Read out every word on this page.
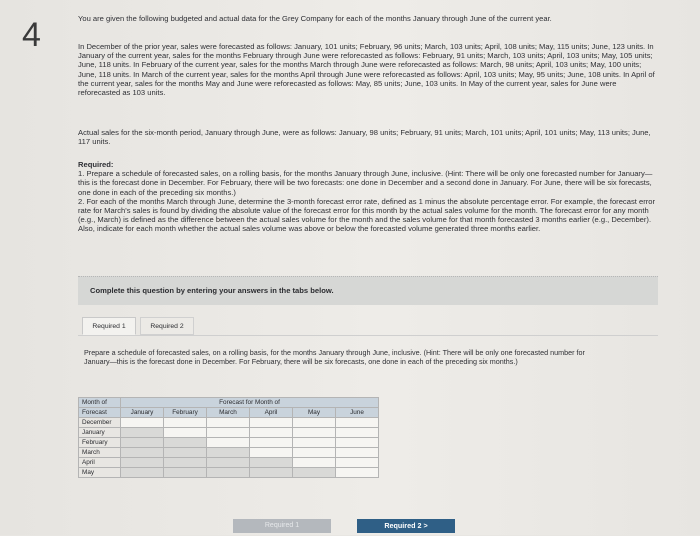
4	You are given the following budgeted and actual data for the Grey Company for each of the months January through June of the current year.
In December of the prior year, sales were forecasted as follows: January, 101 units; February, 96 units; March, 103 units; April, 108 units; May, 115 units; June, 123 units. In January of the current year, sales for the months February through June were reforecasted as follows: February, 91 units; March, 103 units; April, 103 units; May, 105 units; June, 118 units. In February of the current year, sales for the months March through June were reforecasted as follows: March, 98 units; April, 103 units; May, 100 units; June, 118 units. In March of the current year, sales for the months April through June were reforecasted as follows: April, 103 units; May, 95 units; June, 108 units. In April of the current year, sales for the months May and June were reforecasted as follows: May, 85 units; June, 103 units. In May of the current year, sales for June were reforecasted as 103 units.
Actual sales for the six-month period, January through June, were as follows: January, 98 units; February, 91 units; March, 101 units; April, 101 units; May, 113 units; June, 117 units.
Required:
1. Prepare a schedule of forecasted sales, on a rolling basis, for the months January through June, inclusive. (Hint: There will be only one forecasted number for January—this is the forecast done in December. For February, there will be two forecasts: one done in December and a second done in January. For June, there will be six forecasts, one done in each of the preceding six months.)
2. For each of the months March through June, determine the 3-month forecast error rate, defined as 1 minus the absolute percentage error. For example, the forecast error rate for March's sales is found by dividing the absolute value of the forecast error for this month by the actual sales volume for the month. The forecast error for any month (e.g., March) is defined as the difference between the actual sales volume for the month and the sales volume for that month forecasted 3 months earlier (e.g., December). Also, indicate for each month whether the actual sales volume was above or below the forecasted volume generated three months earlier.
Complete this question by entering your answers in the tabs below.
Required 1	Required 2
Prepare a schedule of forecasted sales, on a rolling basis, for the months January through June, inclusive. (Hint: There will be only one forecasted number for January—this is the forecast done in December. For February, there will be six forecasts, one done in each of the preceding six months.)
Month of	Forecast for Month of					
Forecast	January	February	March	April	May	June
December						
January						
February						
March						
April						
May						
Required 1	Required 2 >
